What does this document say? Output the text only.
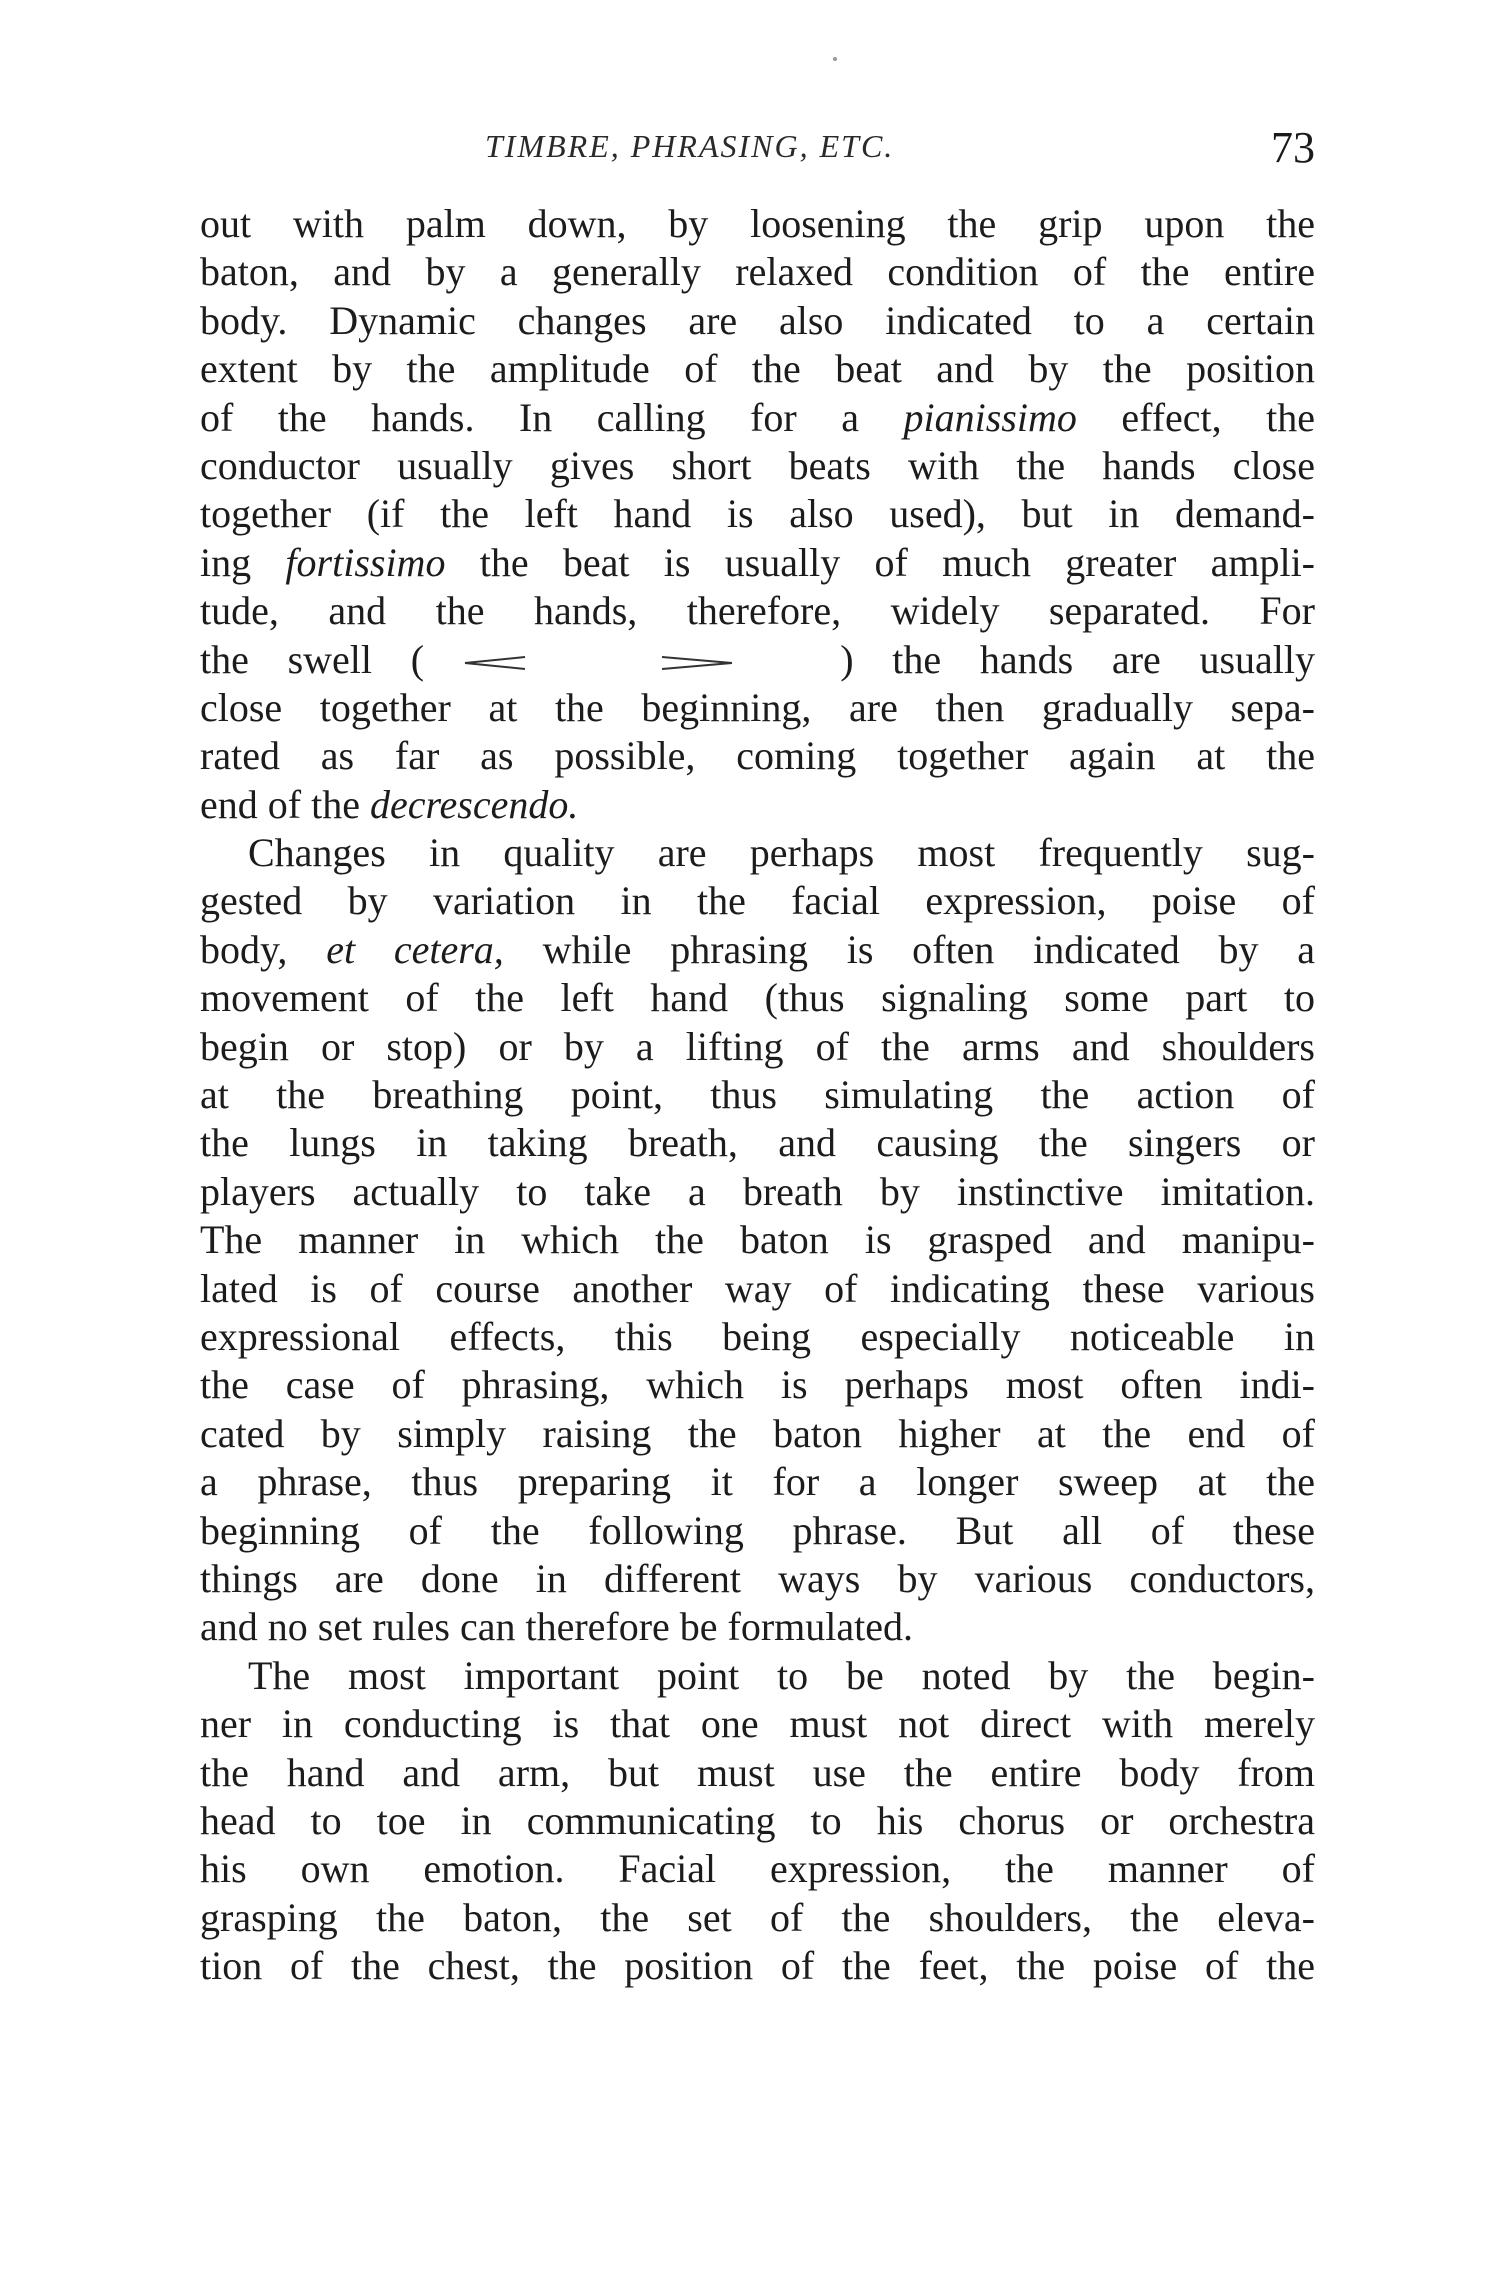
TIMBRE, PHRASING, ETC.	73
out with palm down, by loosening the grip upon the
baton, and by a generally relaxed condition of the entire
body. Dynamic changes are also indicated to a certain
extent by the amplitude of the beat and by the position
of the hands. In calling for a pianissimo effect, the
conductor usually gives short beats with the hands close
together (if the left hand is also used), but in demand-
ing fortissimo the beat is usually of much greater ampli-
tude, and the hands, therefore, widely separated. For
the swell (
	) the hands are usually
close together at the beginning, are then gradually sepa-
rated as far as possible, coming together again at the
end of the decrescendo.
Changes in quality are perhaps most frequently sug-
gested by variation in the facial expression, poise of
body, et cetera, while phrasing is often indicated by a
movement of the left hand (thus signaling some part to
begin or stop) or by a lifting of the arms and shoulders
at the breathing point, thus simulating the action of
the lungs in taking breath, and causing the singers or
players actually to take a breath by instinctive imitation.
The manner in which the baton is grasped and manipu-
lated is of course another way of indicating these various
expressional effects, this being especially noticeable in
the case of phrasing, which is perhaps most often indi-
cated by simply raising the baton higher at the end of
a phrase, thus preparing it for a longer sweep at the
beginning of the following phrase. But all of these
things are done in different ways by various conductors,
and no set rules can therefore be formulated.
The most important point to be noted by the begin-
ner in conducting is that one must not direct with merely
the hand and arm, but must use the entire body from
head to toe in communicating to his chorus or orchestra
his own emotion. Facial expression, the manner of
grasping the baton, the set of the shoulders, the eleva-
tion of the chest, the position of the feet, the poise of the
